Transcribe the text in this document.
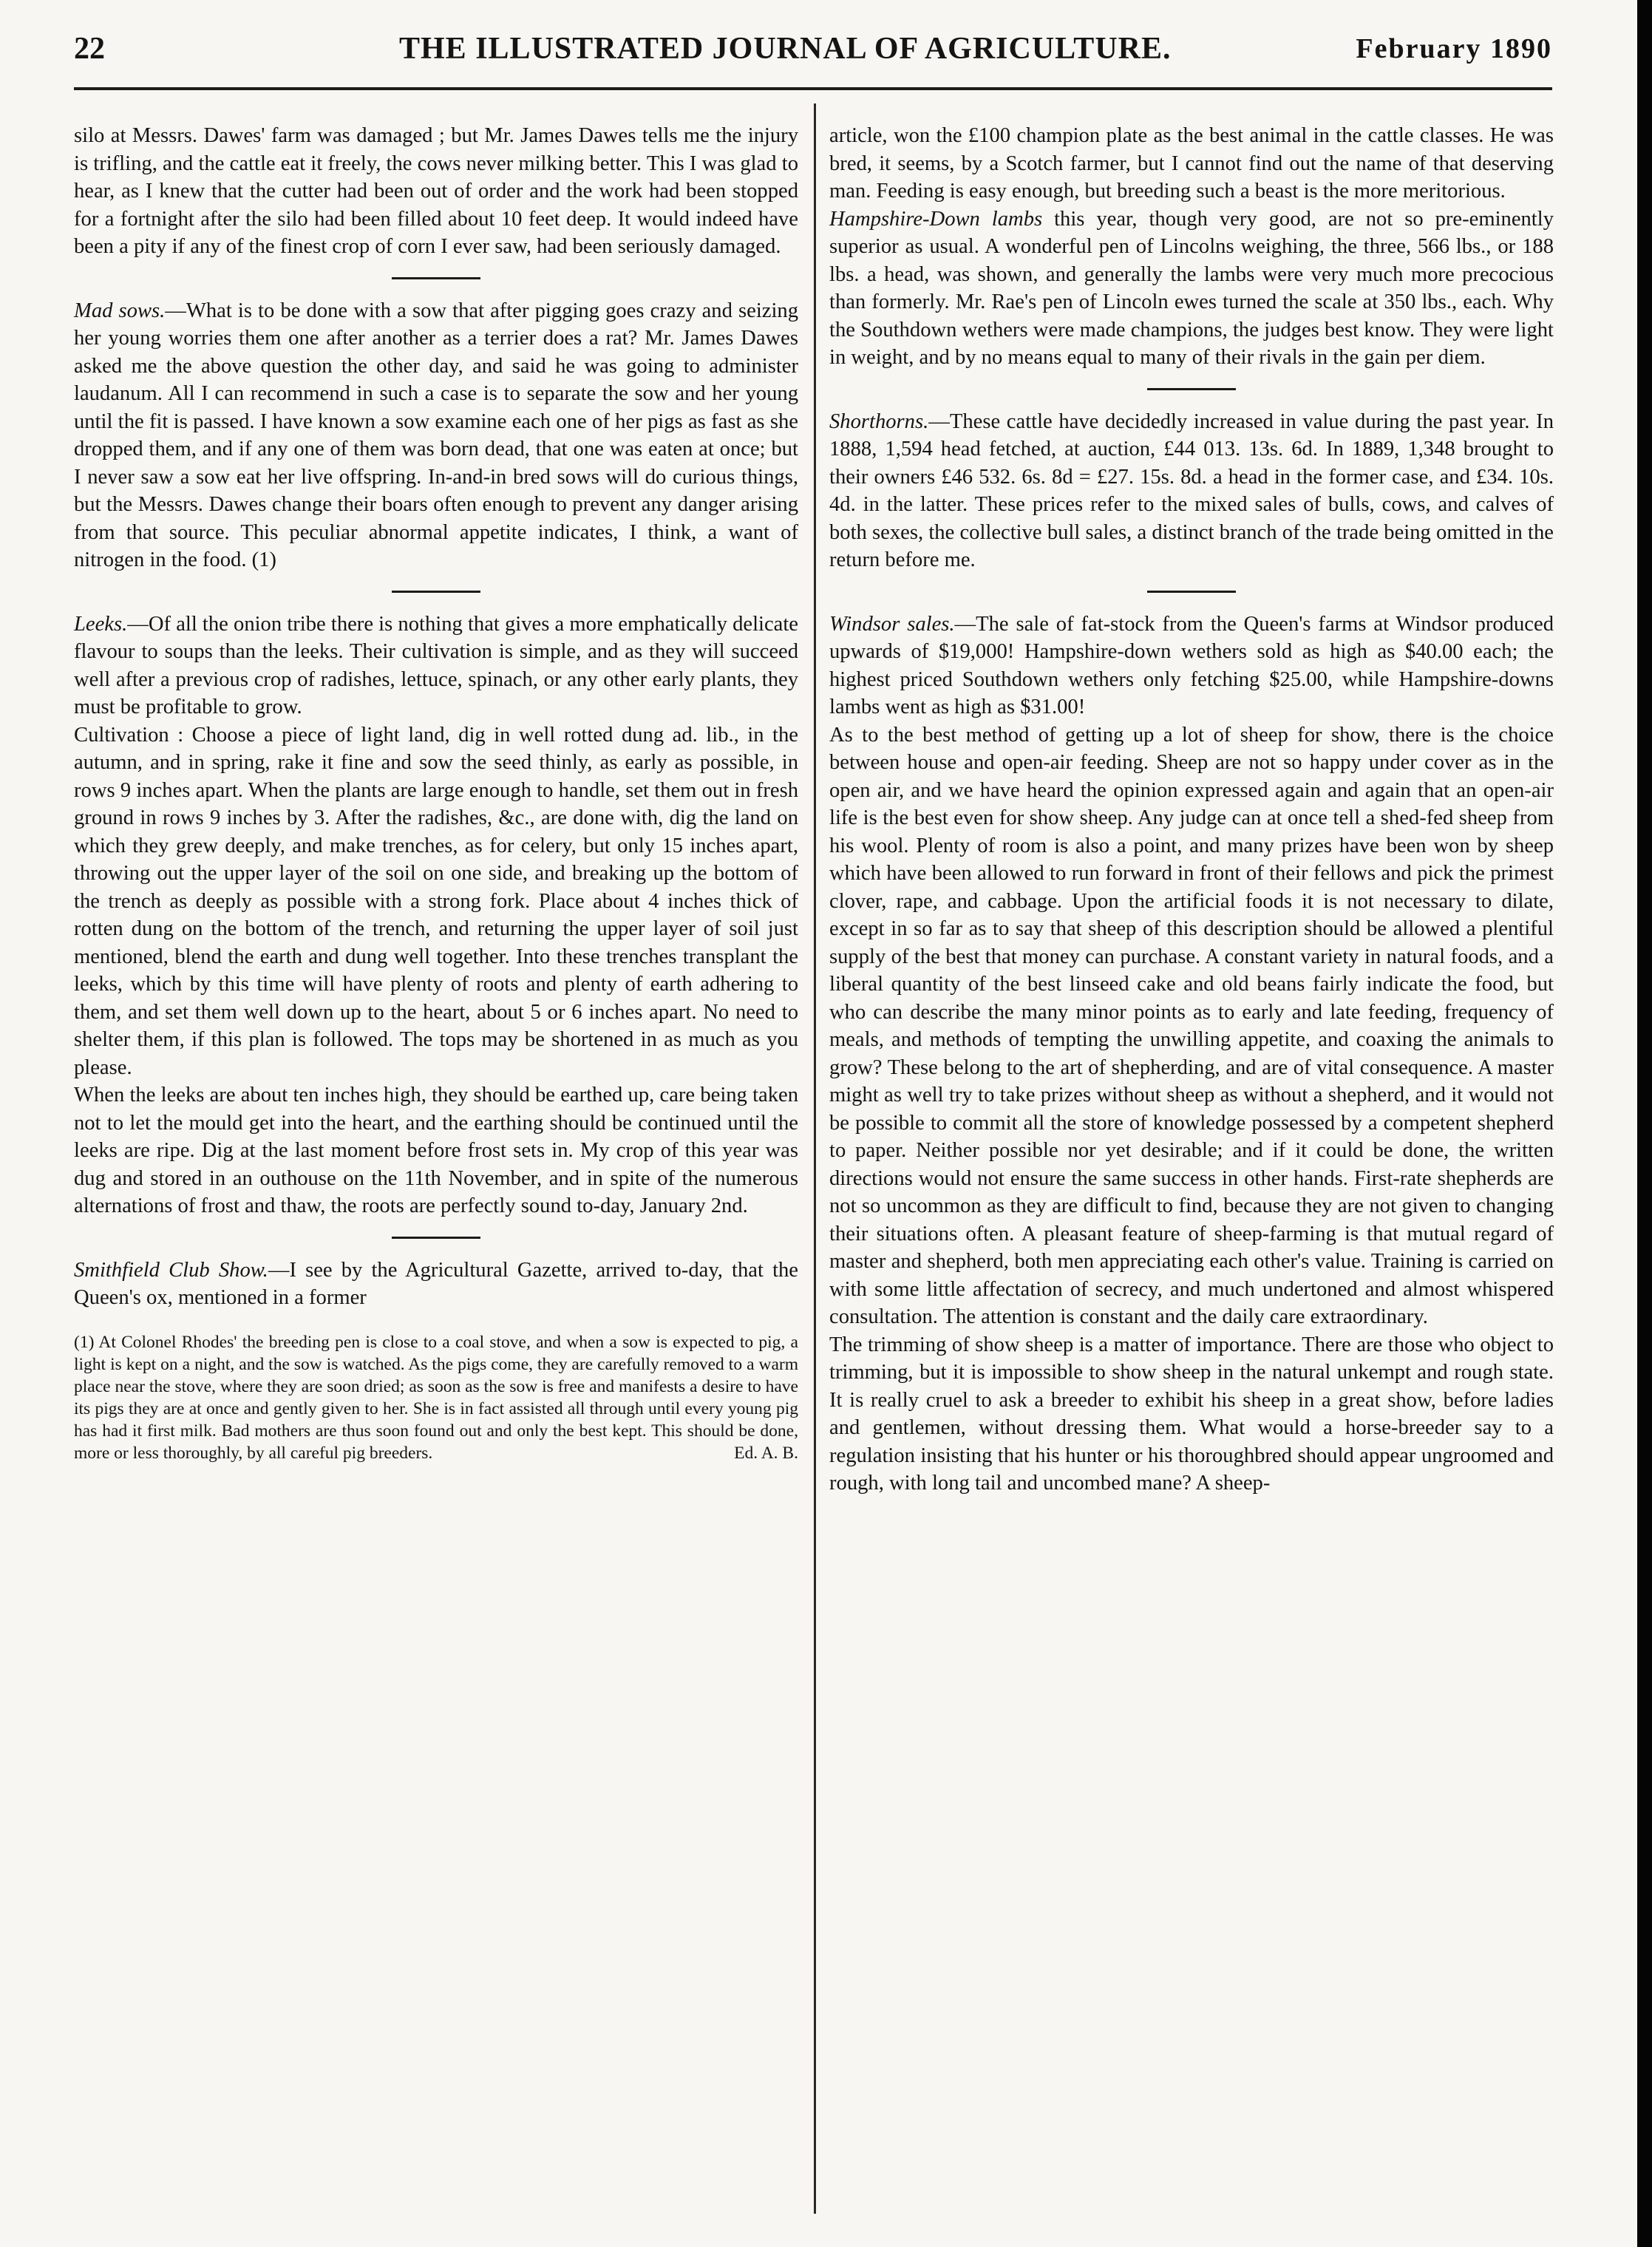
22	THE ILLUSTRATED JOURNAL OF AGRICULTURE.	February 1890

silo at Messrs. Dawes' farm was damaged ; but Mr. James Dawes tells me the injury is trifling, and the cattle eat it freely, the cows never milking better. This I was glad to hear, as I knew that the cutter had been out of order and the work had been stopped for a fortnight after the silo had been filled about 10 feet deep. It would indeed have been a pity if any of the finest crop of corn I ever saw, had been seriously damaged.

Mad sows.—What is to be done with a sow that after pigging goes crazy and seizing her young worries them one after another as a terrier does a rat? Mr. James Dawes asked me the above question the other day, and said he was going to administer laudanum. All I can recommend in such a case is to separate the sow and her young until the fit is passed. I have known a sow examine each one of her pigs as fast as she dropped them, and if any one of them was born dead, that one was eaten at once; but I never saw a sow eat her live offspring. In-and-in bred sows will do curious things, but the Messrs. Dawes change their boars often enough to prevent any danger arising from that source. This peculiar abnormal appetite indicates, I think, a want of nitrogen in the food. (1)

Leeks.—Of all the onion tribe there is nothing that gives a more emphatically delicate flavour to soups than the leeks. Their cultivation is simple, and as they will succeed well after a previous crop of radishes, lettuce, spinach, or any other early plants, they must be profitable to grow.

Cultivation : Choose a piece of light land, dig in well rotted dung ad. lib., in the autumn, and in spring, rake it fine and sow the seed thinly, as early as possible, in rows 9 inches apart. When the plants are large enough to handle, set them out in fresh ground in rows 9 inches by 3. After the radishes, &c., are done with, dig the land on which they grew deeply, and make trenches, as for celery, but only 15 inches apart, throwing out the upper layer of the soil on one side, and breaking up the bottom of the trench as deeply as possible with a strong fork. Place about 4 inches thick of rotten dung on the bottom of the trench, and returning the upper layer of soil just mentioned, blend the earth and dung well together. Into these trenches transplant the leeks, which by this time will have plenty of roots and plenty of earth adhering to them, and set them well down up to the heart, about 5 or 6 inches apart. No need to shelter them, if this plan is followed. The tops may be shortened in as much as you please.

When the leeks are about ten inches high, they should be earthed up, care being taken not to let the mould get into the heart, and the earthing should be continued until the leeks are ripe. Dig at the last moment before frost sets in. My crop of this year was dug and stored in an outhouse on the 11th November, and in spite of the numerous alternations of frost and thaw, the roots are perfectly sound to-day, January 2nd.

Smithfield Club Show.—I see by the Agricultural Gazette, arrived to-day, that the Queen's ox, mentioned in a former

(1) At Colonel Rhodes' the breeding pen is close to a coal stove, and when a sow is expected to pig, a light is kept on a night, and the sow is watched. As the pigs come, they are carefully removed to a warm place near the stove, where they are soon dried; as soon as the sow is free and manifests a desire to have its pigs they are at once and gently given to her. She is in fact assisted all through until every young pig has had it first milk. Bad mothers are thus soon found out and only the best kept. This should be done, more or less thoroughly, by all careful pig breeders.	Ed. A. B.

article, won the £100 champion plate as the best animal in the cattle classes. He was bred, it seems, by a Scotch farmer, but I cannot find out the name of that deserving man. Feeding is easy enough, but breeding such a beast is the more meritorious.

Hampshire-Down lambs this year, though very good, are not so pre-eminently superior as usual. A wonderful pen of Lincolns weighing, the three, 566 lbs., or 188 lbs. a head, was shown, and generally the lambs were very much more precocious than formerly. Mr. Rae's pen of Lincoln ewes turned the scale at 350 lbs., each. Why the Southdown wethers were made champions, the judges best know. They were light in weight, and by no means equal to many of their rivals in the gain per diem.

Shorthorns.—These cattle have decidedly increased in value during the past year. In 1888, 1,594 head fetched, at auction, £44 013. 13s. 6d. In 1889, 1,348 brought to their owners £46 532. 6s. 8d = £27. 15s. 8d. a head in the former case, and £34. 10s. 4d. in the latter. These prices refer to the mixed sales of bulls, cows, and calves of both sexes, the collective bull sales, a distinct branch of the trade being omitted in the return before me.

Windsor sales.—The sale of fat-stock from the Queen's farms at Windsor produced upwards of $19,000! Hampshire-down wethers sold as high as $40.00 each; the highest priced Southdown wethers only fetching $25.00, while Hampshire-downs lambs went as high as $31.00!

As to the best method of getting up a lot of sheep for show, there is the choice between house and open-air feeding. Sheep are not so happy under cover as in the open air, and we have heard the opinion expressed again and again that an open-air life is the best even for show sheep. Any judge can at once tell a shed-fed sheep from his wool. Plenty of room is also a point, and many prizes have been won by sheep which have been allowed to run forward in front of their fellows and pick the primest clover, rape, and cabbage. Upon the artificial foods it is not necessary to dilate, except in so far as to say that sheep of this description should be allowed a plentiful supply of the best that money can purchase. A constant variety in natural foods, and a liberal quantity of the best linseed cake and old beans fairly indicate the food, but who can describe the many minor points as to early and late feeding, frequency of meals, and methods of tempting the unwilling appetite, and coaxing the animals to grow? These belong to the art of shepherding, and are of vital consequence. A master might as well try to take prizes without sheep as without a shepherd, and it would not be possible to commit all the store of knowledge possessed by a competent shepherd to paper. Neither possible nor yet desirable; and if it could be done, the written directions would not ensure the same success in other hands. First-rate shepherds are not so uncommon as they are difficult to find, because they are not given to changing their situations often. A pleasant feature of sheep-farming is that mutual regard of master and shepherd, both men appreciating each other's value. Training is carried on with some little affectation of secrecy, and much undertoned and almost whispered consultation. The attention is constant and the daily care extraordinary.

The trimming of show sheep is a matter of importance. There are those who object to trimming, but it is impossible to show sheep in the natural unkempt and rough state. It is really cruel to ask a breeder to exhibit his sheep in a great show, before ladies and gentlemen, without dressing them. What would a horse-breeder say to a regulation insisting that his hunter or his thoroughbred should appear ungroomed and rough, with long tail and uncombed mane? A sheep-
